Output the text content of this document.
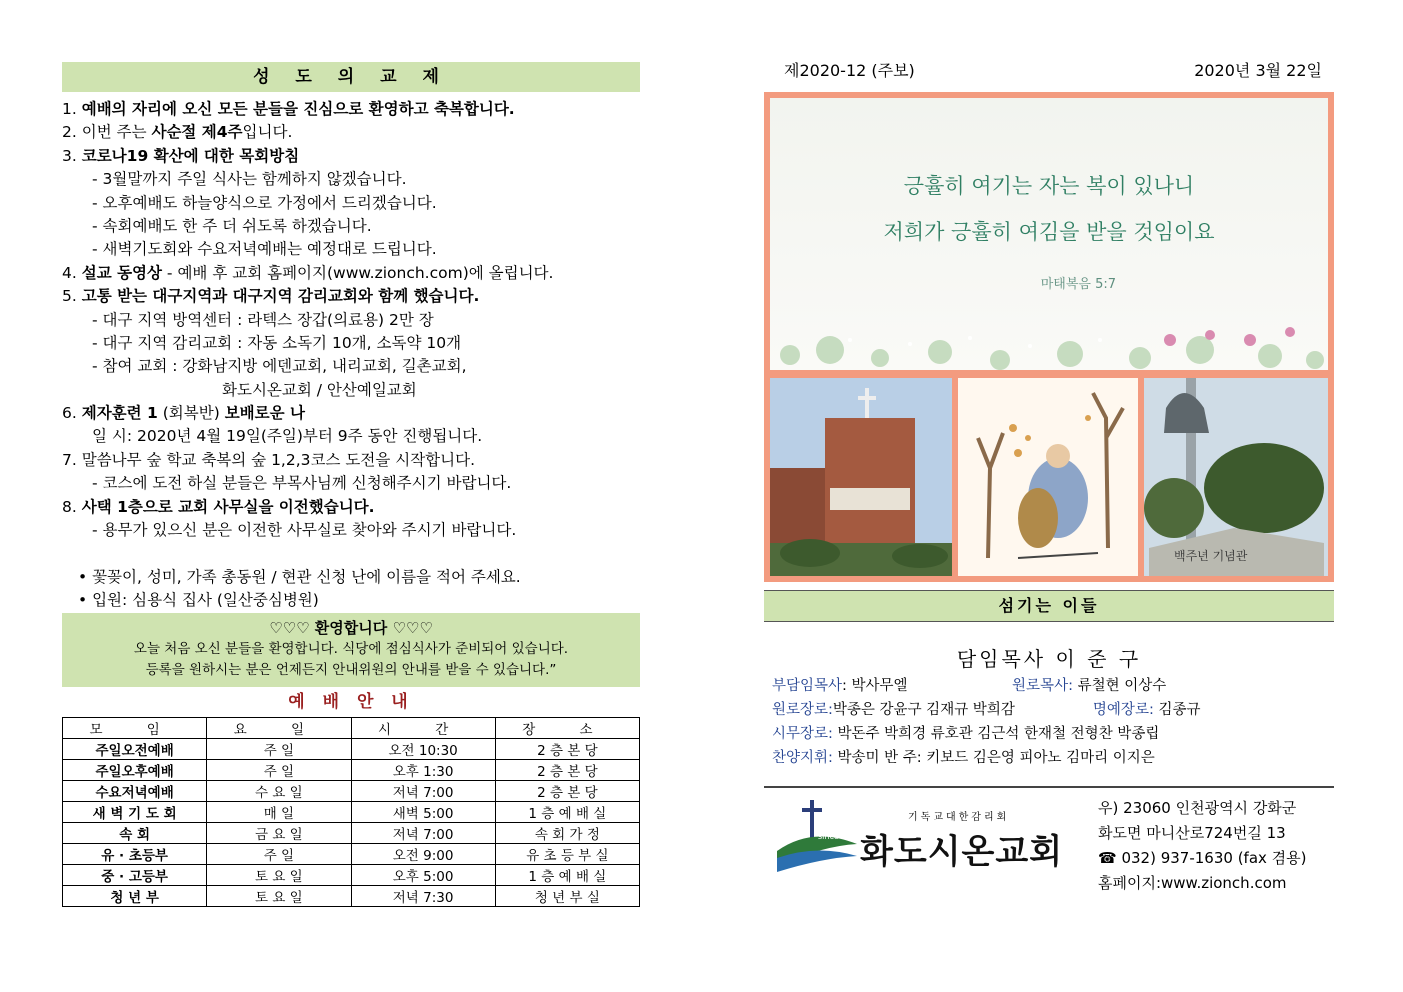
성 도 의 교 제
1. 예배의 자리에 오신 모든 분들을 진심으로 환영하고 축복합니다.
2. 이번 주는 사순절 제4주입니다.
3. 코로나19 확산에 대한 목회방침
- 3월말까지 주일 식사는 함께하지 않겠습니다.
- 오후예배도 하늘양식으로 가정에서 드리겠습니다.
- 속회예배도 한 주 더 쉬도록 하겠습니다.
- 새벽기도회와 수요저녁예배는 예정대로 드립니다.
4. 설교 동영상 - 예배 후 교회 홈페이지(www.zionch.com)에 올립니다.
5. 고통 받는 대구지역과 대구지역 감리교회와 함께 했습니다.
- 대구 지역 방역센터 : 라텍스 장갑(의료용) 2만 장
- 대구 지역 감리교회 : 자동 소독기 10개, 소독약 10개
- 참여 교회 : 강화남지방 에덴교회, 내리교회, 길촌교회,
화도시온교회 / 안산예일교회
6. 제자훈련 1 (회복반) 보배로운 나
일 시: 2020년 4월 19일(주일)부터 9주 동안 진행됩니다.
7. 말씀나무 숲 학교 축복의 숲 1,2,3코스 도전을 시작합니다.
- 코스에 도전 하실 분들은 부목사님께 신청해주시기 바랍니다.
8. 사택 1층으로 교회 사무실을 이전했습니다.
- 용무가 있으신 분은 이전한 사무실로 찾아와 주시기 바랍니다.

• 꽃꽂이, 성미, 가족 총동원 / 현관 신청 난에 이름을 적어 주세요.
• 입원: 심용식 집사 (일산중심병원)
♡♡♡ 환영합니다 ♡♡♡
오늘 처음 오신 분들을 환영합니다. 식당에 점심식사가 준비되어 있습니다.
등록을 원하시는 분은 언제든지 안내위원의 안내를 받을 수 있습니다.”
예 배 안 내
모 임	요 일	시 간	장 소
주일오전예배	주 일	오전 10:30	2 층 본 당
주일오후예배	주 일	오후 1:30	2 층 본 당
수요저녁예배	수 요 일	저녁 7:00	2 층 본 당
새 벽 기 도 회	매 일	새벽 5:00	1 층 예 배 실
속 회	금 요 일	저녁 7:00	속 회 가 정
유 · 초등부	주 일	오전 9:00	유 초 등 부 실
중 · 고등부	토 요 일	오후 5:00	1 층 예 배 실
청 년 부	토 요 일	저녁 7:30	청 년 부 실
제2020-12 (주보)	2020년 3월 22일
긍휼히 여기는 자는 복이 있나니
저희가 긍휼히 여김을 받을 것임이요
마태복음 5:7
백주년 기념관
섬기는 이들
담임목사 이 준 구
부담임목사: 박사무엘	원로목사: 류철현 이상수
원로장로:박종은 강윤구 김재규 박희감	명예장로: 김종규
시무장로: 박돈주 박희경 류호관 김근석 한재철 전형찬 박종립
찬양지휘: 박송미 반 주: 키보드 김은영 피아노 김마리 이지은
since 1905
기독교대한감리회
화도시온교회
우) 23060 인천광역시 강화군
화도면 마니산로724번길 13
☎ 032) 937-1630 (fax 겸용)
홈페이지:www.zionch.com
